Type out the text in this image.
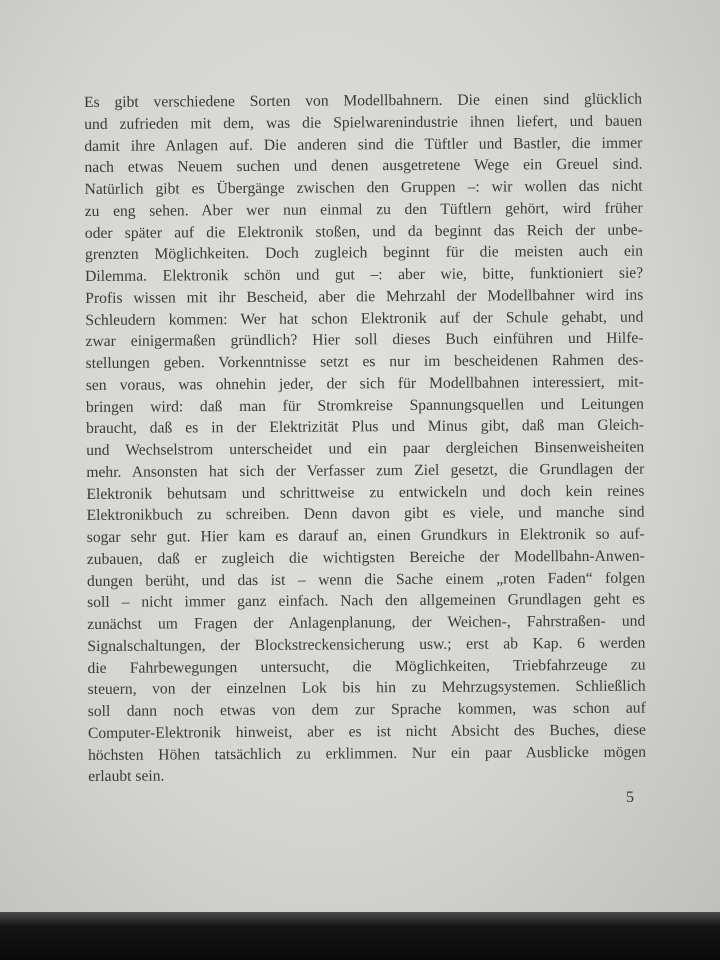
Es gibt verschiedene Sorten von Modellbahnern. Die einen sind glücklich
und zufrieden mit dem, was die Spielwarenindustrie ihnen liefert, und bauen
damit ihre Anlagen auf. Die anderen sind die Tüftler und Bastler, die immer
nach etwas Neuem suchen und denen ausgetretene Wege ein Greuel sind.
Natürlich gibt es Übergänge zwischen den Gruppen –: wir wollen das nicht
zu eng sehen. Aber wer nun einmal zu den Tüftlern gehört, wird früher
oder später auf die Elektronik stoßen, und da beginnt das Reich der unbe-
grenzten Möglichkeiten. Doch zugleich beginnt für die meisten auch ein
Dilemma. Elektronik schön und gut –: aber wie, bitte, funktioniert sie?
Profis wissen mit ihr Bescheid, aber die Mehrzahl der Modellbahner wird ins
Schleudern kommen: Wer hat schon Elektronik auf der Schule gehabt, und
zwar einigermaßen gründlich? Hier soll dieses Buch einführen und Hilfe-
stellungen geben. Vorkenntnisse setzt es nur im bescheidenen Rahmen des-
sen voraus, was ohnehin jeder, der sich für Modellbahnen interessiert, mit-
bringen wird: daß man für Stromkreise Spannungsquellen und Leitungen
braucht, daß es in der Elektrizität Plus und Minus gibt, daß man Gleich-
und Wechselstrom unterscheidet und ein paar dergleichen Binsenweisheiten
mehr. Ansonsten hat sich der Verfasser zum Ziel gesetzt, die Grundlagen der
Elektronik behutsam und schrittweise zu entwickeln und doch kein reines
Elektronikbuch zu schreiben. Denn davon gibt es viele, und manche sind
sogar sehr gut. Hier kam es darauf an, einen Grundkurs in Elektronik so auf-
zubauen, daß er zugleich die wichtigsten Bereiche der Modellbahn-Anwen-
dungen berüht, und das ist – wenn die Sache einem „roten Faden“ folgen
soll – nicht immer ganz einfach. Nach den allgemeinen Grundlagen geht es
zunächst um Fragen der Anlagenplanung, der Weichen-, Fahrstraßen- und
Signalschaltungen, der Blockstreckensicherung usw.; erst ab Kap. 6 werden
die Fahrbewegungen untersucht, die Möglichkeiten, Triebfahrzeuge zu
steuern, von der einzelnen Lok bis hin zu Mehrzugsystemen. Schließlich
soll dann noch etwas von dem zur Sprache kommen, was schon auf
Computer-Elektronik hinweist, aber es ist nicht Absicht des Buches, diese
höchsten Höhen tatsächlich zu erklimmen. Nur ein paar Ausblicke mögen
erlaubt sein.
5
